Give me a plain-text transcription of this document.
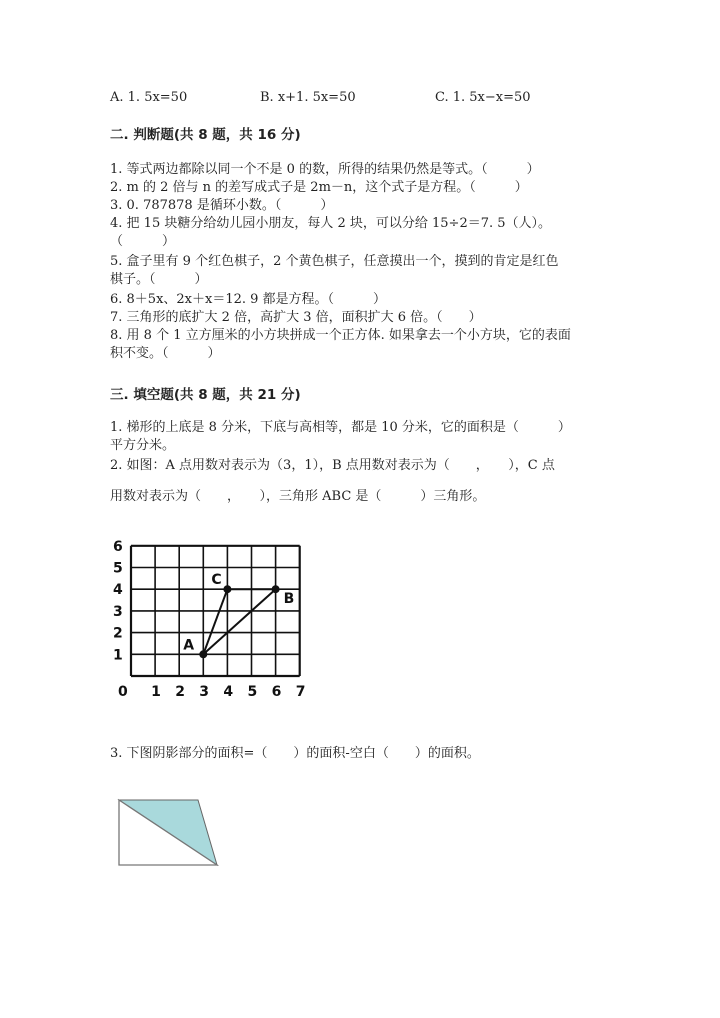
A. 1. 5x=50	B. x+1. 5x=50	C. 1. 5x−x=50
二. 判断题(共 8 题，共 16 分)
1. 等式两边都除以同一个不是 0 的数，所得的结果仍然是等式。（　　　）
2. m 的 2 倍与 n 的差写成式子是 2m－n，这个式子是方程。（　　　）
3. 0. 787878 是循环小数。（　　　）
4. 把 15 块糖分给幼儿园小朋友，每人 2 块，可以分给 15÷2＝7. 5（人）。
（　　　）
5. 盒子里有 9 个红色棋子，2 个黄色棋子，任意摸出一个，摸到的肯定是红色
棋子。（　　　）
6. 8＋5x、2x＋x＝12. 9 都是方程。（　　　）
7. 三角形的底扩大 2 倍，高扩大 3 倍，面积扩大 6 倍。（　　）
8. 用 8 个 1 立方厘米的小方块拼成一个正方体. 如果拿去一个小方块，它的表面
积不变。（　　　）
三. 填空题(共 8 题，共 21 分)
1. 梯形的上底是 8 分米，下底与高相等，都是 10 分米，它的面积是（　　　）
平方分米。
2. 如图：A 点用数对表示为（3，1），B 点用数对表示为（　　，　　），C 点
用数对表示为（　　，　　），三角形 ABC 是（　　　）三角形。
0 1 2 3 4 5 6 7
1
2
3
4
5
6
A
C
B
3. 下图阴影部分的面积=（　　）的面积-空白（　　）的面积。
